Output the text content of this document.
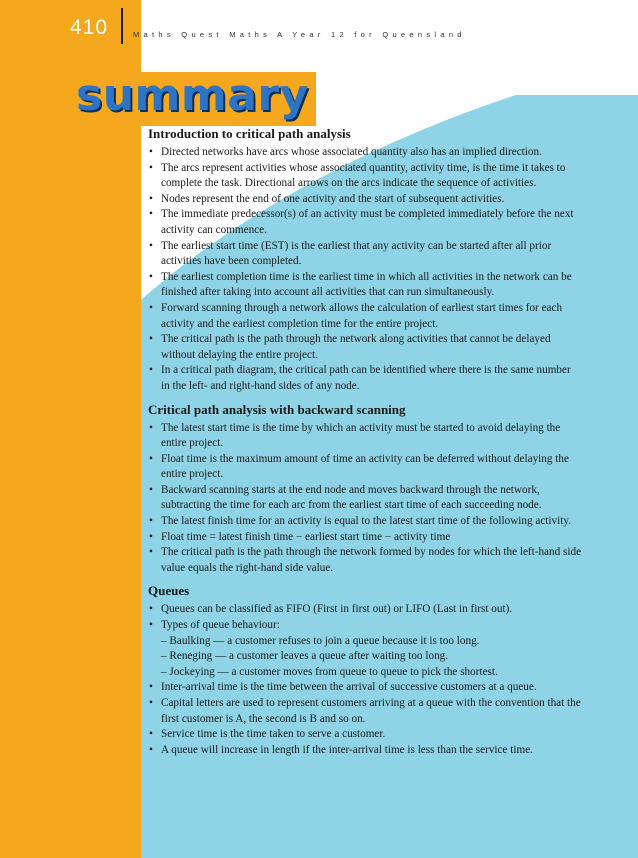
410	Maths Quest Maths A Year 12 for Queensland
summary
Introduction to critical path analysis
• Directed networks have arcs whose associated quantity also has an implied direction.
• The arcs represent activities whose associated quantity, activity time, is the time it takes to complete the task. Directional arrows on the arcs indicate the sequence of activities.
• Nodes represent the end of one activity and the start of subsequent activities.
• The immediate predecessor(s) of an activity must be completed immediately before the next activity can commence.
• The earliest start time (EST) is the earliest that any activity can be started after all prior activities have been completed.
• The earliest completion time is the earliest time in which all activities in the network can be finished after taking into account all activities that can run simultaneously.
• Forward scanning through a network allows the calculation of earliest start times for each activity and the earliest completion time for the entire project.
• The critical path is the path through the network along activities that cannot be delayed without delaying the entire project.
• In a critical path diagram, the critical path can be identified where there is the same number in the left- and right-hand sides of any node.
Critical path analysis with backward scanning
• The latest start time is the time by which an activity must be started to avoid delaying the entire project.
• Float time is the maximum amount of time an activity can be deferred without delaying the entire project.
• Backward scanning starts at the end node and moves backward through the network, subtracting the time for each arc from the earliest start time of each succeeding node.
• The latest finish time for an activity is equal to the latest start time of the following activity.
• Float time = latest finish time − earliest start time − activity time
• The critical path is the path through the network formed by nodes for which the left-hand side value equals the right-hand side value.
Queues
• Queues can be classified as FIFO (First in first out) or LIFO (Last in first out).
• Types of queue behaviour:
– Baulking — a customer refuses to join a queue because it is too long.
– Reneging — a customer leaves a queue after waiting too long.
– Jockeying — a customer moves from queue to queue to pick the shortest.
• Inter-arrival time is the time between the arrival of successive customers at a queue.
• Capital letters are used to represent customers arriving at a queue with the convention that the first customer is A, the second is B and so on.
• Service time is the time taken to serve a customer.
• A queue will increase in length if the inter-arrival time is less than the service time.
